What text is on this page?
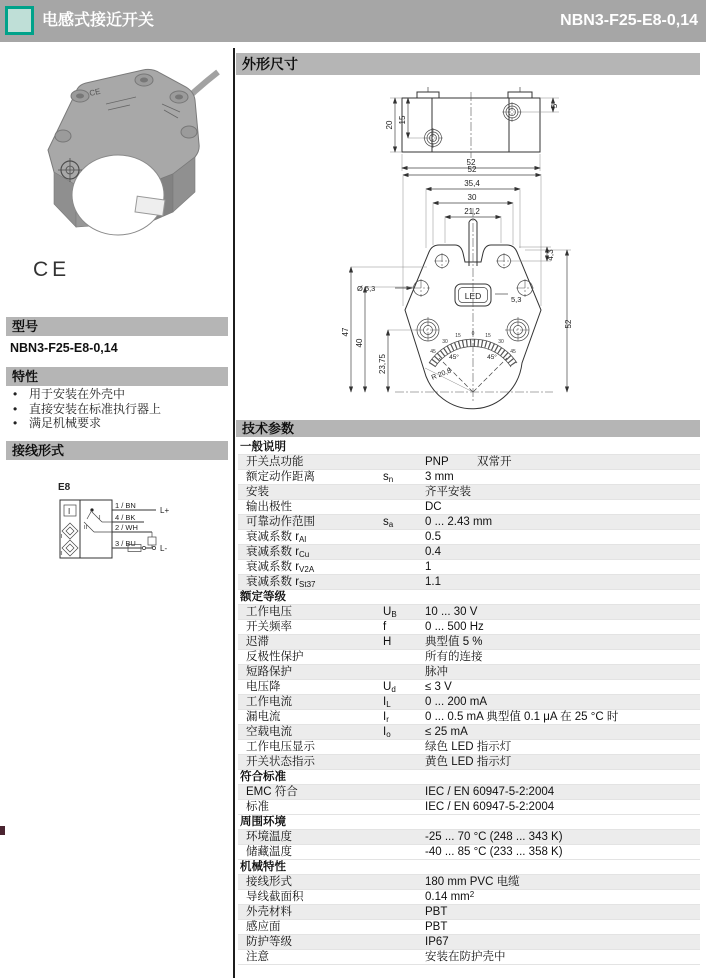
电感式接近开关	NBN3-F25-E8-0,14
CE
CE
型号
NBN3-F25-E8-0,14
特性
• 用于安装在外壳中
• 直接安装在标准执行器上
• 满足机械要求
接线形式
E8
I
I
II
I
II
1 / BN
4 / BK
2 / WH
3 / BU
L+
L-
外形尺寸
技术参数
20
15
5
52
52
35,4
30
21,2
LED
45
30
15 0 15
30
45
45°	45°
R 20,8
Ø 5,3
5,3
47
40
23,75
52
4,3
一般说明
开关点功能	PNP 双常开
额定动作距离	$s_n$	3 mm
安装	齐平安装
输出极性	DC
可靠动作范围	$s_a$	0 ... 2.43 mm
衰减系数 $r_{Al}$	0.5
衰减系数 $r_{Cu}$	0.4
衰减系数 $r_{V2A}$	1
衰减系数 $r_{St37}$	1.1
额定等级
工作电压	$U_B$ 10 ... 30 V
开关频率	f	0 ... 500 Hz
迟滞	H	典型值 5 %
反极性保护	所有的连接
短路保护	脉冲
电压降	$U_d$	≤ 3 V
工作电流	$I_L$	0 ... 200 mA
漏电流	$I_r$	0 ... 0.5 mA 典型值 0.1 μA 在 25 °C 时
空载电流	$I_o$	≤ 25 mA
工作电压显示	绿色 LED 指示灯
开关状态指示	黄色 LED 指示灯
符合标准
EMC 符合	IEC / EN 60947-5-2:2004
标准	IEC / EN 60947-5-2:2004
周围环境
环境温度	-25 ... 70 °C (248 ... 343 K)
储藏温度	-40 ... 85 °C (233 ... 358 K)
机械特性
接线形式	180 mm PVC 电缆
导线截面积	0.14 $mm^2$
外壳材料	PBT
感应面	PBT
防护等级	IP67
注意	安装在防护壳中
